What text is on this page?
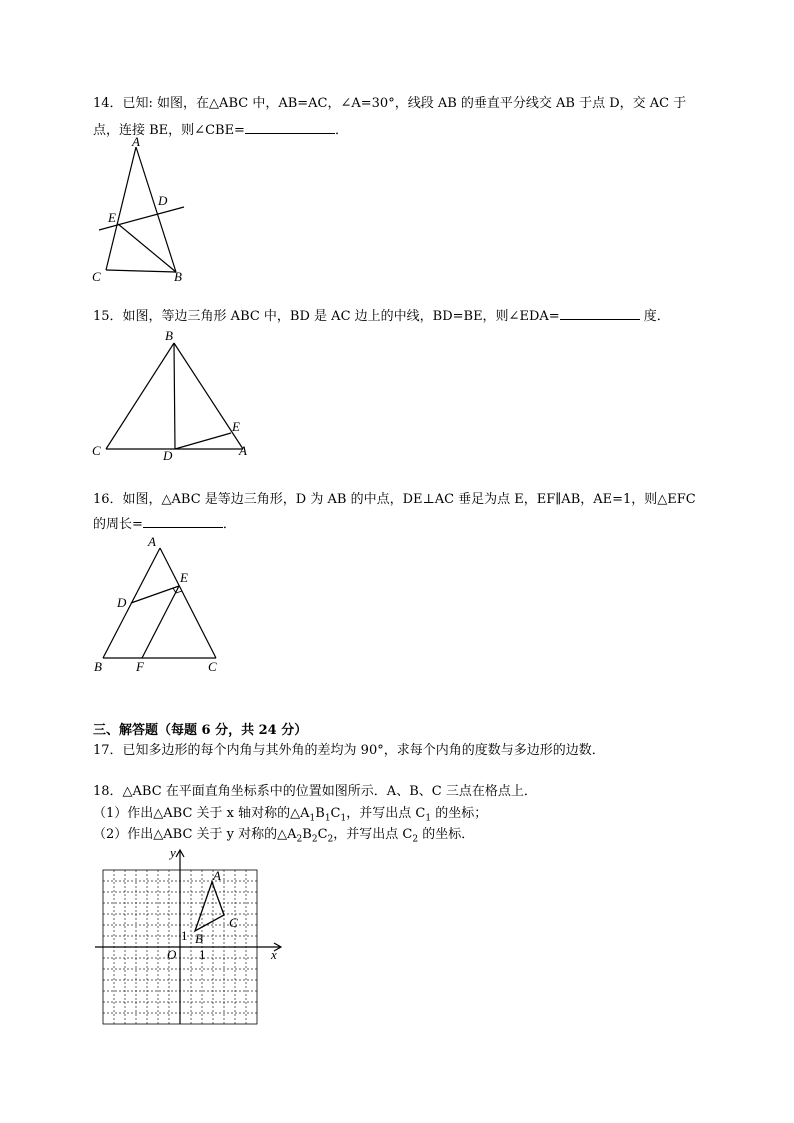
14．已知: 如图，在△ABC 中，AB=AC，∠A=30°，线段 AB 的垂直平分线交 AB 于点 D，交 AC 于
点，连接 BE，则∠CBE=	．
A
D
E
C	B
15．如图，等边三角形 ABC 中，BD 是 AC 边上的中线，BD=BE，则∠EDA=	度．
B
E
C	D	A
16．如图，△ABC 是等边三角形，D 为 AB 的中点，DE⊥AC 垂足为点 E，EF∥AB，AE=1，则△EFC
的周长=	．
A
E
D
B	F	C
三、解答题（每题 6 分，共 24 分）
17．已知多边形的每个内角与其外角的差均为 90°，求每个内角的度数与多边形的边数．
18．△ABC 在平面直角坐标系中的位置如图所示．A、B、C 三点在格点上．
（1）作出△ABC 关于 x 轴对称的$\triangle A_1B_1C_1$，并写出点 $C_1$ 的坐标；
（2）作出△ABC 关于 y 对称的$\triangle A_2B_2C_2$，并写出点 $C_2$ 的坐标．
y
x
O 1
1
A
B
C
